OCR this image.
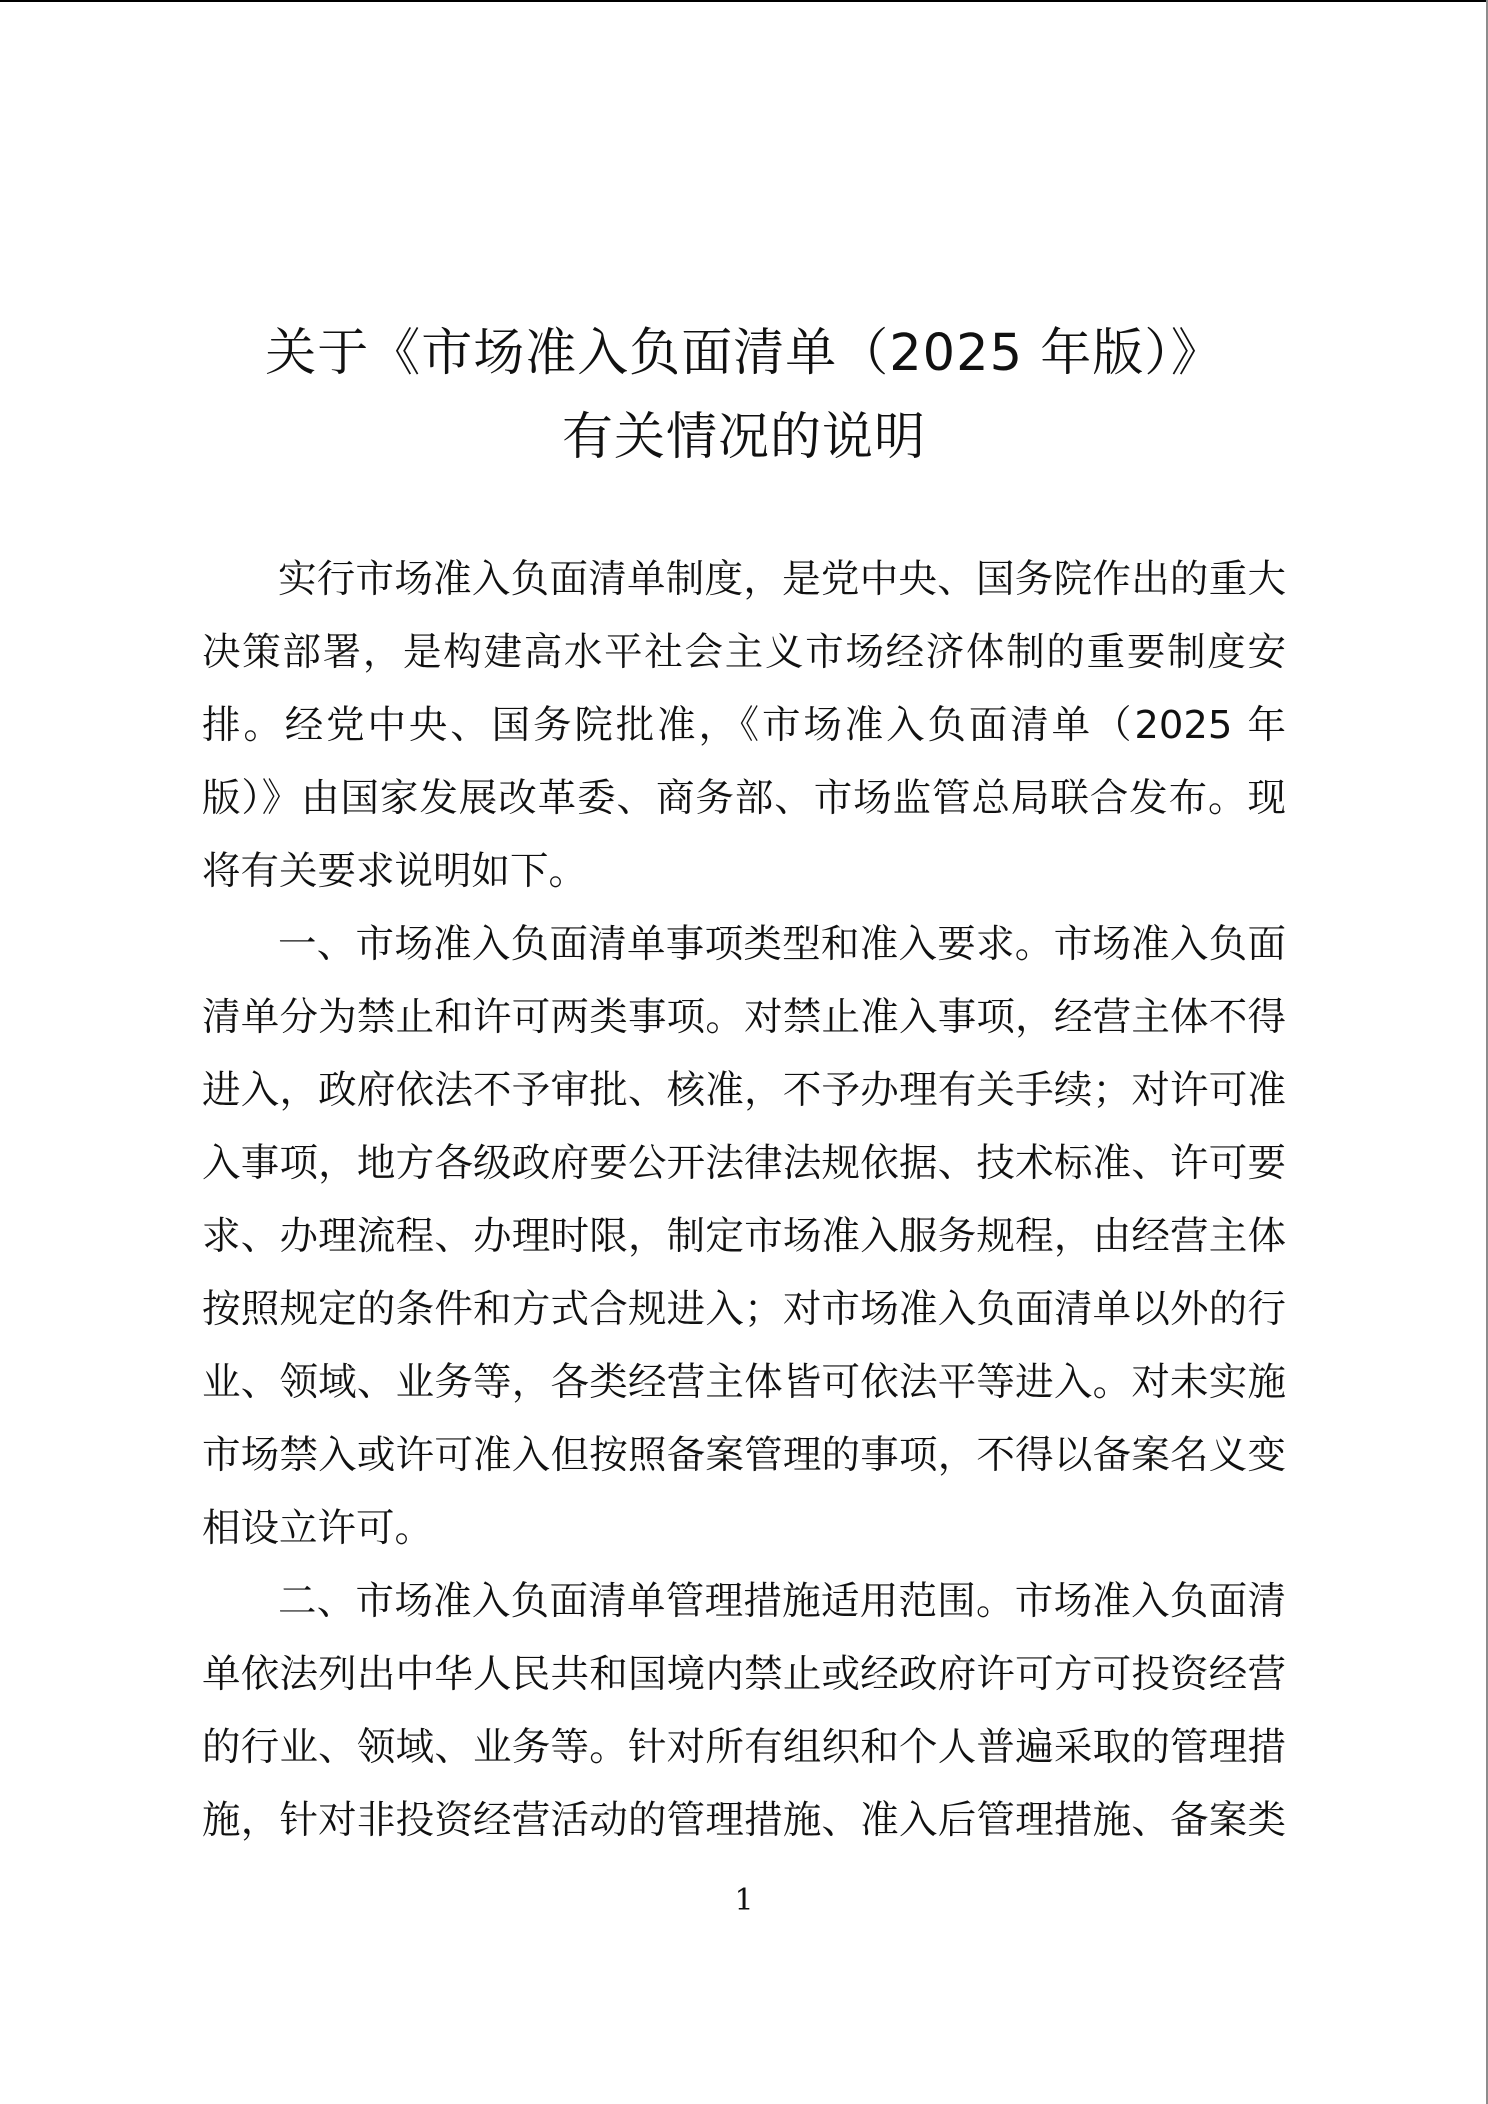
关于《市场准入负面清单（2025 年版）》
有关情况的说明
实行市场准入负面清单制度，是党中央、国务院作出的重大
决策部署，是构建高水平社会主义市场经济体制的重要制度安
排。经党中央、国务院批准，《市场准入负面清单（2025 年
版）》由国家发展改革委、商务部、市场监管总局联合发布。现
将有关要求说明如下。
一、市场准入负面清单事项类型和准入要求。市场准入负面
清单分为禁止和许可两类事项。对禁止准入事项，经营主体不得
进入，政府依法不予审批、核准，不予办理有关手续；对许可准
入事项，地方各级政府要公开法律法规依据、技术标准、许可要
求、办理流程、办理时限，制定市场准入服务规程，由经营主体
按照规定的条件和方式合规进入；对市场准入负面清单以外的行
业、领域、业务等，各类经营主体皆可依法平等进入。对未实施
市场禁入或许可准入但按照备案管理的事项，不得以备案名义变
相设立许可。
二、市场准入负面清单管理措施适用范围。市场准入负面清
单依法列出中华人民共和国境内禁止或经政府许可方可投资经营
的行业、领域、业务等。针对所有组织和个人普遍采取的管理措
施，针对非投资经营活动的管理措施、准入后管理措施、备案类
1
